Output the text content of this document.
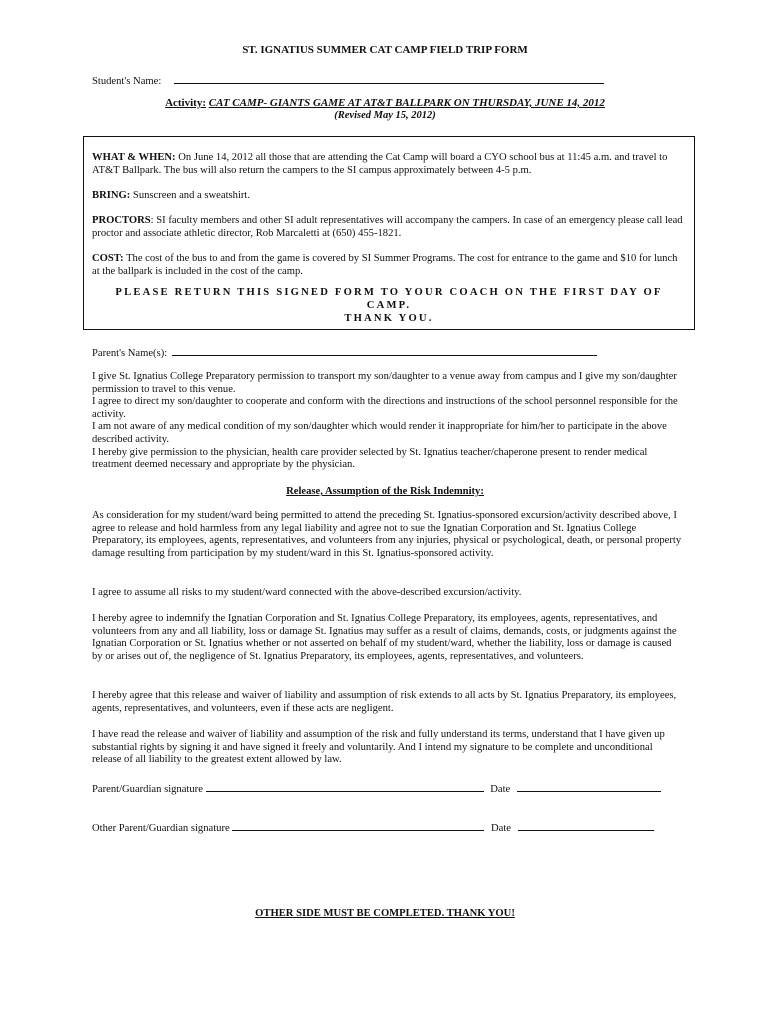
ST. IGNATIUS SUMMER CAT CAMP FIELD TRIP FORM
Student's Name:
Activity: CAT CAMP- GIANTS GAME AT AT&T BALLPARK ON THURSDAY, JUNE 14, 2012
(Revised May 15, 2012)

WHAT & WHEN: On June 14, 2012 all those that are attending the Cat Camp will board a CYO school bus at 11:45 a.m. and travel to AT&T Ballpark. The bus will also return the campers to the SI campus approximately between 4-5 p.m.

BRING: Sunscreen and a sweatshirt.

PROCTORS: SI faculty members and other SI adult representatives will accompany the campers. In case of an emergency please call lead proctor and associate athletic director, Rob Marcaletti at (650) 455-1821.

COST: The cost of the bus to and from the game is covered by SI Summer Programs. The cost for entrance to the game and $10 for lunch at the ballpark is included in the cost of the camp.

PLEASE RETURN THIS SIGNED FORM TO YOUR COACH ON THE FIRST DAY OF CAMP.
THANK YOU.
Parent's Name(s):

I give St. Ignatius College Preparatory permission to transport my son/daughter to a venue away from campus and I give my son/daughter permission to travel to this venue.

I agree to direct my son/daughter to cooperate and conform with the directions and instructions of the school personnel responsible for the activity.

I am not aware of any medical condition of my son/daughter which would render it inappropriate for him/her to participate in the above described activity.

I hereby give permission to the physician, health care provider selected by St. Ignatius teacher/chaperone present to render medical treatment deemed necessary and appropriate by the physician.

Release, Assumption of the Risk Indemnity:

As consideration for my student/ward being permitted to attend the preceding St. Ignatius-sponsored excursion/activity described above, I agree to release and hold harmless from any legal liability and agree not to sue the Ignatian Corporation and St. Ignatius College Preparatory, its employees, agents, representatives, and volunteers from any injuries, physical or psychological, death, or personal property damage resulting from participation by my student/ward in this St. Ignatius-sponsored activity.

I agree to assume all risks to my student/ward connected with the above-described excursion/activity.

I hereby agree to indemnify the Ignatian Corporation and St. Ignatius College Preparatory, its employees, agents, representatives, and volunteers from any and all liability, loss or damage St. Ignatius may suffer as a result of claims, demands, costs, or judgments against the Ignatian Corporation or St. Ignatius whether or not asserted on behalf of my student/ward, whether the liability, loss or damage is caused by or arises out of, the negligence of St. Ignatius Preparatory, its employees, agents, representatives, and volunteers.

I hereby agree that this release and waiver of liability and assumption of risk extends to all acts by St. Ignatius Preparatory, its employees, agents, representatives, and volunteers, even if these acts are negligent.

I have read the release and waiver of liability and assumption of the risk and fully understand its terms, understand that I have given up substantial rights by signing it and have signed it freely and voluntarily. And I intend my signature to be complete and unconditional release of all liability to the greatest extent allowed by law.

Parent/Guardian signature	Date
Other Parent/Guardian signature	Date
OTHER SIDE MUST BE COMPLETED. THANK YOU!
